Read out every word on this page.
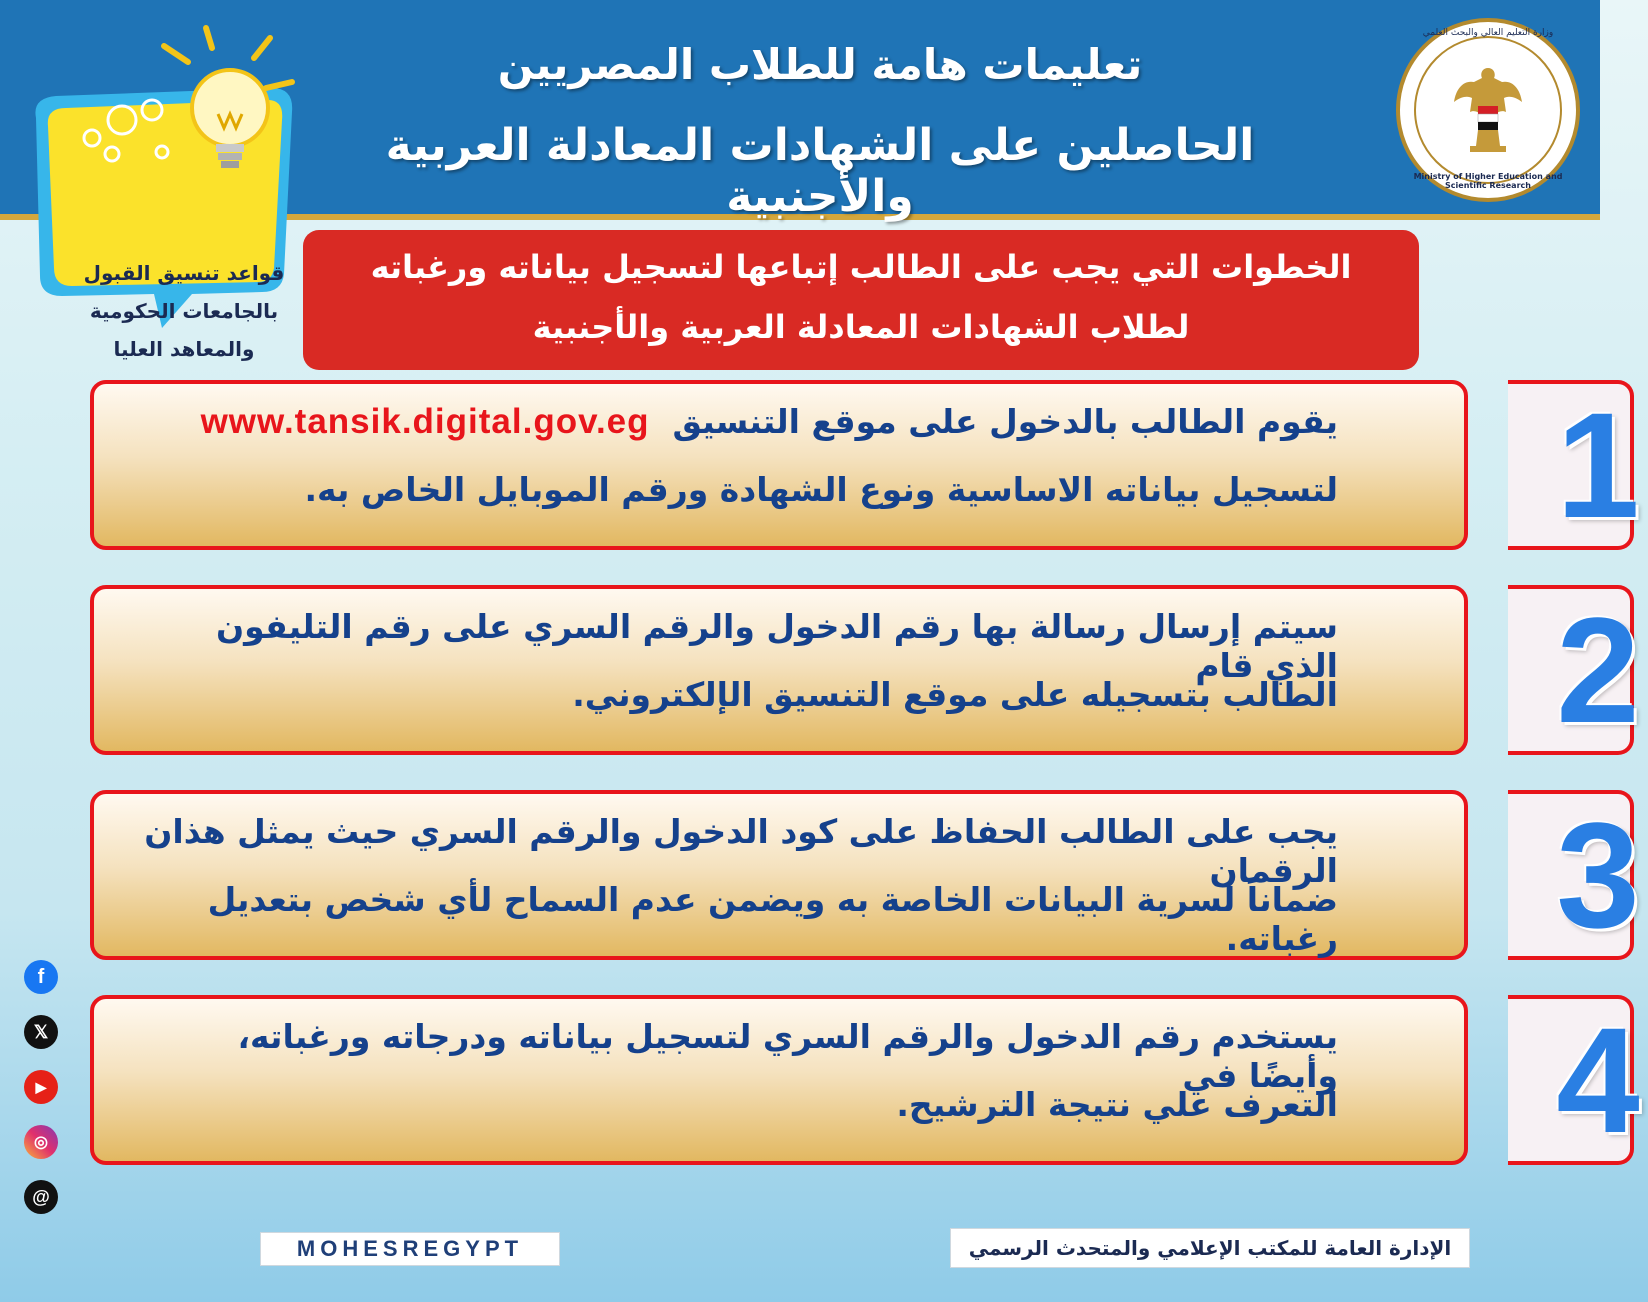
تعليمات هامة للطلاب المصريين
الحاصلين على الشهادات المعادلة العربية والأجنبية
وزارة التعليم العالي والبحث العلمي
Ministry of Higher Education and Scientific Research
قواعد تنسيق القبول
بالجامعات الحكومية
والمعاهد العليا
الخطوات التي يجب على الطالب إتباعها لتسجيل بياناته ورغباته
لطلاب الشهادات المعادلة العربية والأجنبية
1
يقوم الطالب بالدخول على موقع التنسيق  www.tansik.digital.gov.eg
لتسجيل بياناته الاساسية ونوع الشهادة ورقم الموبايل الخاص به.
2
سيتم إرسال رسالة بها رقم الدخول والرقم السري على رقم التليفون الذي قام
الطالب بتسجيله على موقع التنسيق الإلكتروني.
3
يجب على الطالب الحفاظ على كود الدخول والرقم السري حيث يمثل هذان الرقمان
ضماناً لسرية البيانات الخاصة به ويضمن عدم السماح لأي شخص بتعديل رغباته.
4
يستخدم رقم الدخول والرقم السري لتسجيل بياناته ودرجاته ورغباته، وأيضًا في
التعرف علي نتيجة الترشيح.
f
𝕏
▶
◎
@
MOHESREGYPT	الإدارة العامة للمكتب الإعلامي والمتحدث الرسمي
